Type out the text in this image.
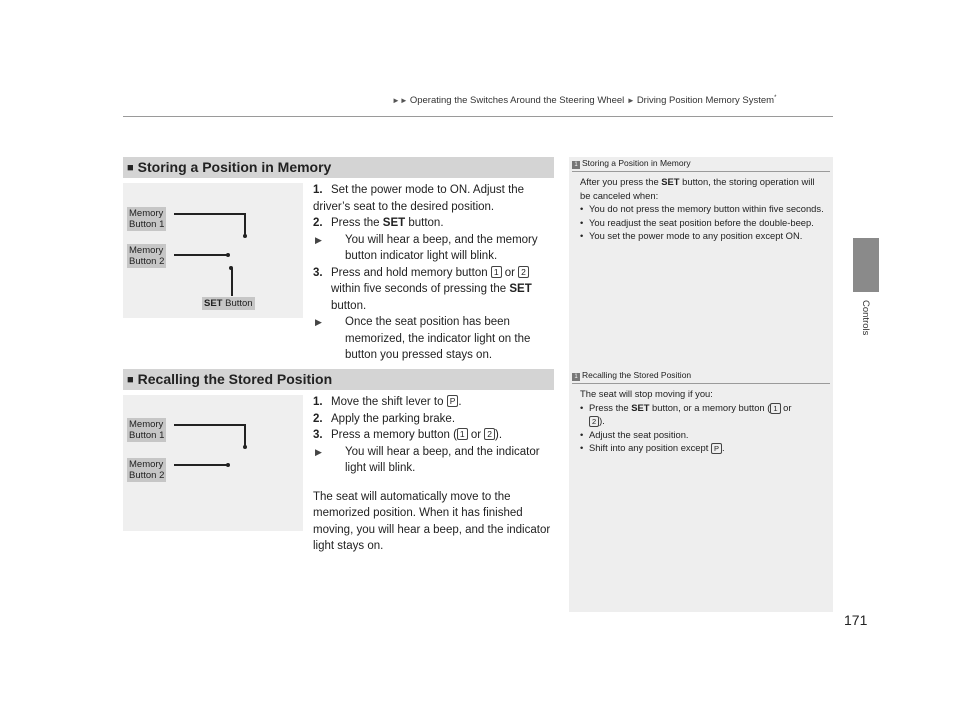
►► Operating the Switches Around the Steering Wheel ► Driving Position Memory System*
Controls
■ Storing a Position in Memory
Memory
Button 1
Memory
Button 2
SET Button
1. Set the power mode to ON. Adjust the driver’s seat to the desired position.
2. Press the SET button.
▶	You will hear a beep, and the memory button indicator light will blink.
3. Press and hold memory button 1 or 2
within five seconds of pressing the SET
button.
▶	Once the seat position has been memorized, the indicator light on the button you pressed stays on.
1 Storing a Position in Memory
After you press the SET button, the storing operation will be canceled when:
• You do not press the memory button within five seconds.
• You readjust the seat position before the double-beep.
• You set the power mode to any position except ON.
■ Recalling the Stored Position
Memory
Button 1
Memory
Button 2
1. Move the shift lever to P .
2. Apply the parking brake.
3. Press a memory button ( 1 or 2 ).
▶	You will hear a beep, and the indicator light will blink.
The seat will automatically move to the memorized position. When it has finished moving, you will hear a beep, and the indicator light stays on.
1 Recalling the Stored Position
The seat will stop moving if you:
• Press the SET button, or a memory button ( 1 or
2 ).
• Adjust the seat position.
• Shift into any position except P .
171
